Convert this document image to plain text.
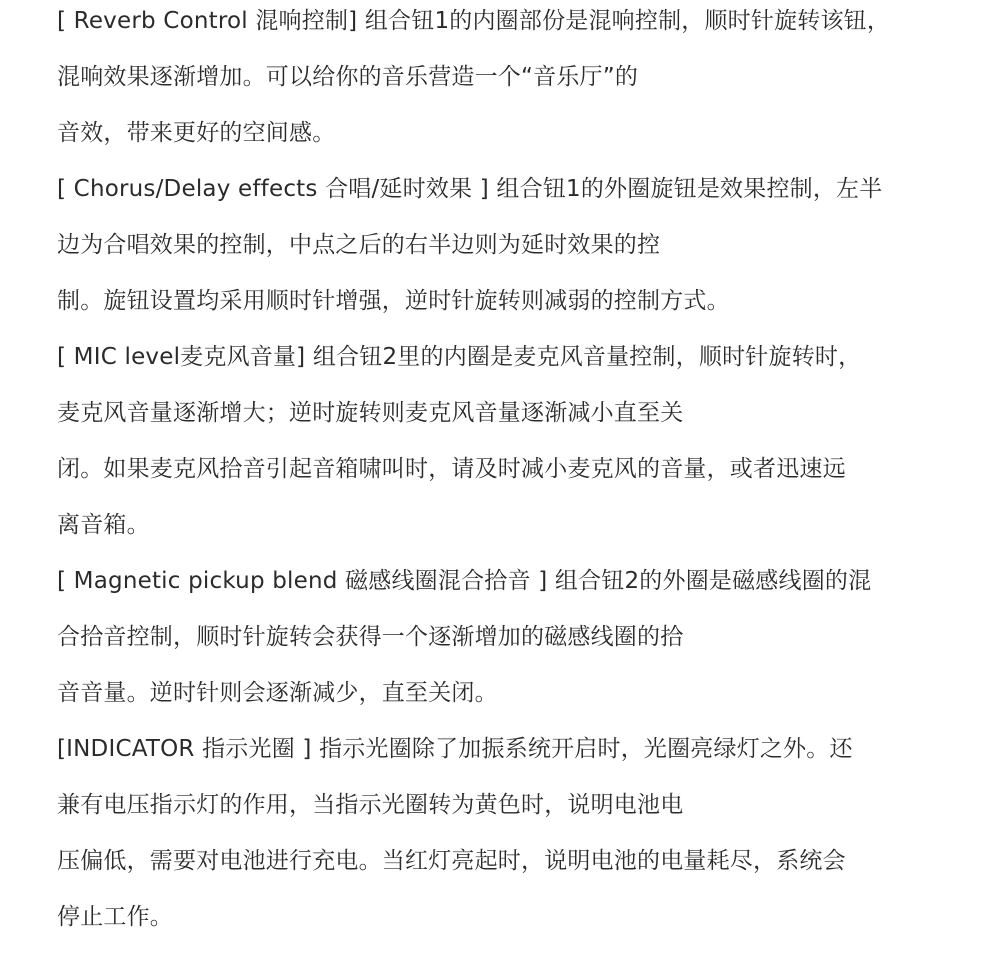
[ Reverb Control 混响控制] 组合钮1的内圈部份是混响控制，顺时针旋转该钮，
混响效果逐渐增加。可以给你的音乐营造一个“音乐厅”的
音效，带来更好的空间感。
[ Chorus/Delay effects 合唱/延时效果 ] 组合钮1的外圈旋钮是效果控制，左半
边为合唱效果的控制，中点之后的右半边则为延时效果的控
制。旋钮设置均采用顺时针增强，逆时针旋转则减弱的控制方式。
[ MIC level麦克风音量] 组合钮2里的内圈是麦克风音量控制，顺时针旋转时，
麦克风音量逐渐增大；逆时旋转则麦克风音量逐渐减小直至关
闭。如果麦克风拾音引起音箱啸叫时，请及时减小麦克风的音量，或者迅速远
离音箱。
[ Magnetic pickup blend 磁感线圈混合拾音 ] 组合钮2的外圈是磁感线圈的混
合拾音控制，顺时针旋转会获得一个逐渐增加的磁感线圈的拾
音音量。逆时针则会逐渐减少，直至关闭。
[INDICATOR 指示光圈 ] 指示光圈除了加振系统开启时，光圈亮绿灯之外。还
兼有电压指示灯的作用，当指示光圈转为黄色时，说明电池电
压偏低，需要对电池进行充电。当红灯亮起时，说明电池的电量耗尽，系统会
停止工作。
